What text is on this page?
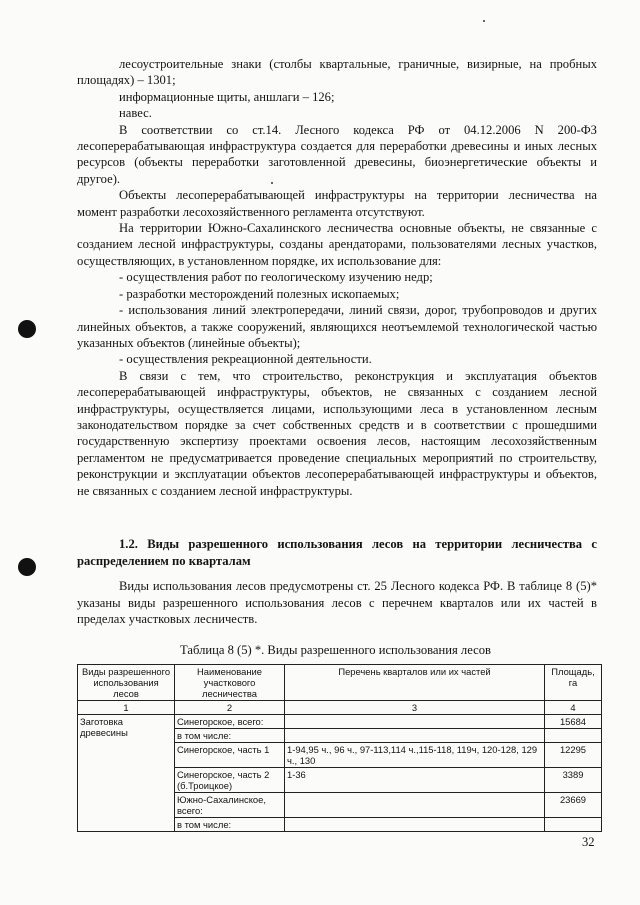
лесоустроительные знаки (столбы квартальные, граничные, визирные, на пробных площадях) – 1301;

информационные щиты, аншлаги – 126;

навес.

В соответствии со ст.14. Лесного кодекса РФ от 04.12.2006 N 200-ФЗ лесоперерабатывающая инфраструктура создается для переработки древесины и иных лесных ресурсов (объекты переработки заготовленной древесины, биоэнергетические объекты и другое).

Объекты лесоперерабатывающей инфраструктуры на территории лесничества на момент разработки лесохозяйственного регламента отсутствуют.

На территории Южно-Сахалинского лесничества основные объекты, не связанные с созданием лесной инфраструктуры, созданы арендаторами, пользователями лесных участков, осуществляющих, в установленном порядке, их использование для:

- осуществления работ по геологическому изучению недр;

- разработки месторождений полезных ископаемых;

- использования линий электропередачи, линий связи, дорог, трубопроводов и других линейных объектов, а также сооружений, являющихся неотъемлемой технологической частью указанных объектов (линейные объекты);

- осуществления рекреационной деятельности.

В связи с тем, что строительство, реконструкция и эксплуатация объектов лесоперерабатывающей инфраструктуры, объектов, не связанных с созданием лесной инфраструктуры, осуществляется лицами, использующими леса в установленном лесным законодательством порядке за счет собственных средств и в соответствии с прошедшими государственную экспертизу проектами освоения лесов, настоящим лесохозяйственным регламентом не предусматривается проведение специальных мероприятий по строительству, реконструкции и эксплуатации объектов лесоперерабатывающей инфраструктуры и объектов, не связанных с созданием лесной инфраструктуры.

1.2. Виды разрешенного использования лесов на территории лесничества с распределением по кварталам

Виды использования лесов предусмотрены ст. 25 Лесного кодекса РФ. В таблице 8 (5)* указаны виды разрешенного использования лесов с перечнем кварталов или их частей в пределах участковых лесничеств.

Таблица 8 (5) *. Виды разрешенного использования лесов
Виды разрешенного использования лесов	Наименование участкового лесничества	Перечень кварталов или их частей	Площадь, га
1	2	3	4
Заготовка древесины	Синегорское, всего:		15684
	в том числе:		
	Синегорское, часть 1	1-94,95 ч., 96 ч., 97-113,114 ч.,115-118, 119ч, 120-128, 129 ч., 130	12295
	Синегорское, часть 2 (б.Троицкое)	1-36	3389
	Южно-Сахалинское, всего:		23669
	в том числе:		
32
